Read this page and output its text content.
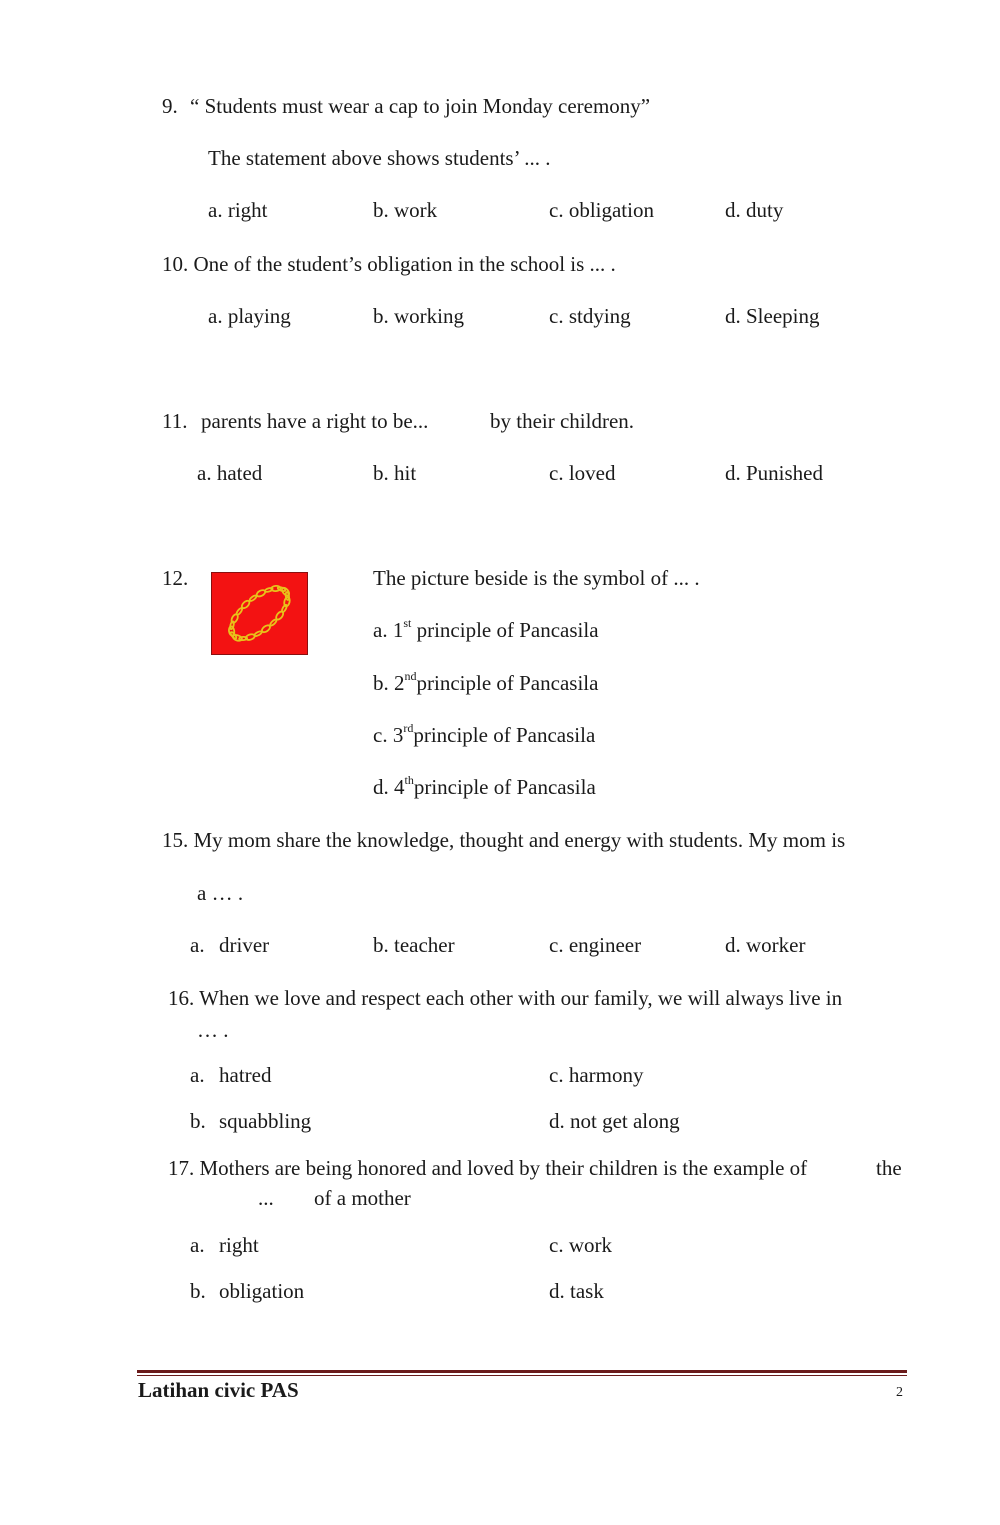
9. “ Students must wear a cap to join Monday ceremony”
The statement above shows students’ ... .
a. right	b. work	c. obligation	d. duty
10. One of the student’s obligation in the school is ... .
a. playing	b. working	c. stdying	d. Sleeping
11. parents have a right to be...	by their children.
a. hated	b. hit	c. loved	d. Punished
12.	The picture beside is the symbol of ... .
a. 1st principle of Pancasila
b. 2ndprinciple of Pancasila
c. 3rdprinciple of Pancasila
d. 4thprinciple of Pancasila
15. My mom share the knowledge, thought and energy with students. My mom is
a … .
a. driver	b. teacher	c. engineer	d. worker
16. When we love and respect each other with our family, we will always live in
… .
a. hatred	c. harmony
b. squabbling	d. not get along
17. Mothers are being honored and loved by their children is the example of	the
... of a mother
a. right	c. work
b. obligation	d. task
Latihan civic PAS	2
